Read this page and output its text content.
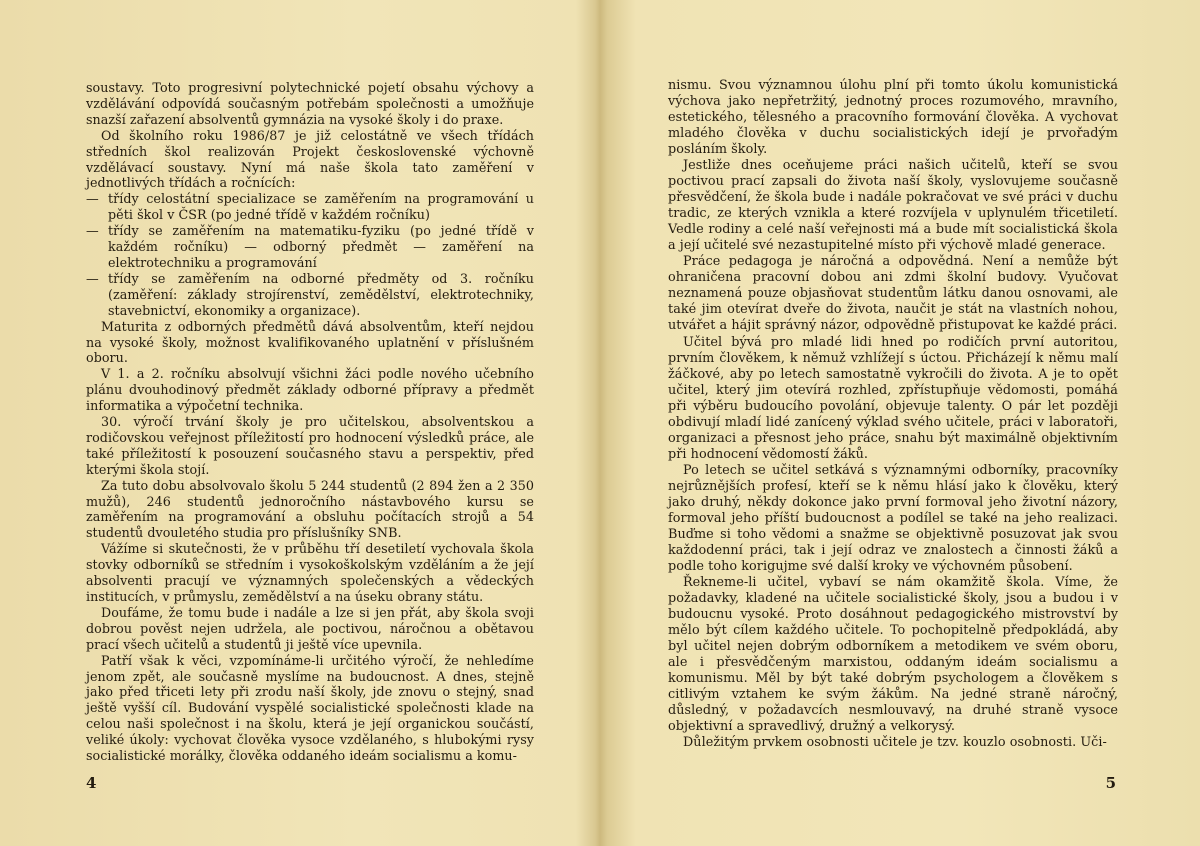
soustavy. Toto progresivní polytechnické pojetí obsahu výchovy a vzdělávání odpovídá současným potřebám společnosti a umožňuje snazší zařazení absolventů gymnázia na vysoké školy i do praxe.

Od školního roku 1986/87 je již celostátně ve všech třídách středních škol realizován Projekt československé výchovně vzdělávací soustavy. Nyní má naše škola tato zaměření v jednotlivých třídách a ročnících:

— třídy celostátní specializace se zaměřením na programování u pěti škol v ČSR (po jedné třídě v každém ročníku)
— třídy se zaměřením na matematiku-fyziku (po jedné třídě v každém ročníku) — odborný předmět — zaměření na elektrotechniku a programování
— třídy se zaměřením na odborné předměty od 3. ročníku (zaměření: základy strojírenství, zemědělství, elektrotechniky, stavebnictví, ekonomiky a organizace).

Maturita z odborných předmětů dává absolventům, kteří nejdou na vysoké školy, možnost kvalifikovaného uplatnění v příslušném oboru.

V 1. a 2. ročníku absolvují všichni žáci podle nového učebního plánu dvouhodinový předmět základy odborné přípravy a předmět informatika a výpočetní technika.

30. výročí trvání školy je pro učitelskou, absolventskou a rodičovskou veřejnost příležitostí pro hodnocení výsledků práce, ale také příležitostí k posouzení současného stavu a perspektiv, před kterými škola stojí.

Za tuto dobu absolvovalo školu 5 244 studentů (2 894 žen a 2 350 mužů), 246 studentů jednoročního nástavbového kursu se zaměřením na programování a obsluhu počítacích strojů a 54 studentů dvouletého studia pro příslušníky SNB.

Vážíme si skutečnosti, že v průběhu tří desetiletí vychovala škola stovky odborníků se středním i vysokoškolským vzděláním a že její absolventi pracují ve významných společenských a vědeckých institucích, v průmyslu, zemědělství a na úseku obrany státu.

Doufáme, že tomu bude i nadále a lze si jen přát, aby škola svoji dobrou pověst nejen udržela, ale poctivou, náročnou a obětavou prací všech učitelů a studentů ji ještě více upevnila.

Patří však k věci, vzpomínáme-li určitého výročí, že nehledíme jenom zpět, ale současně myslíme na budoucnost. A dnes, stejně jako před třiceti lety při zrodu naší školy, jde znovu o stejný, snad ještě vyšší cíl. Budování vyspělé socialistické společnosti klade na celou naši společnost i na školu, která je její organickou součástí, veliké úkoly: vychovat člověka vysoce vzdělaného, s hlubokými rysy socialistické morálky, člověka oddaného ideám socialismu a komu-

4

nismu. Svou významnou úlohu plní při tomto úkolu komunistická výchova jako nepřetržitý, jednotný proces rozumového, mravního, estetického, tělesného a pracovního formování člověka. A vychovat mladého člověka v duchu socialistických idejí je prvořadým posláním školy.

Jestliže dnes oceňujeme práci našich učitelů, kteří se svou poctivou prací zapsali do života naší školy, vyslovujeme současně přesvědčení, že škola bude i nadále pokračovat ve své práci v duchu tradic, ze kterých vznikla a které rozvíjela v uplynulém třicetiletí. Vedle rodiny a celé naší veřejnosti má a bude mít socialistická škola a její učitelé své nezastupitelné místo při výchově mladé generace.

Práce pedagoga je náročná a odpovědná. Není a nemůže být ohraničena pracovní dobou ani zdmi školní budovy. Vyučovat neznamená pouze objasňovat studentům látku danou osnovami, ale také jim otevírat dveře do života, naučit je stát na vlastních nohou, utvářet a hájit správný názor, odpovědně přistupovat ke každé práci.

Učitel bývá pro mladé lidi hned po rodičích první autoritou, prvním člověkem, k němuž vzhlížejí s úctou. Přicházejí k němu malí žáčkové, aby po letech samostatně vykročili do života. A je to opět učitel, který jim otevírá rozhled, zpřístupňuje vědomosti, pomáhá při výběru budoucího povolání, objevuje talenty. O pár let později obdivují mladí lidé zanícený výklad svého učitele, práci v laboratoři, organizaci a přesnost jeho práce, snahu být maximálně objektivním při hodnocení vědomostí žáků.

Po letech se učitel setkává s významnými odborníky, pracovníky nejrůznějších profesí, kteří se k němu hlásí jako k člověku, který jako druhý, někdy dokonce jako první formoval jeho životní názory, formoval jeho příští budoucnost a podílel se také na jeho realizaci. Buďme si toho vědomi a snažme se objektivně posuzovat jak svou každodenní práci, tak i její odraz ve znalostech a činnosti žáků a podle toho korigujme své další kroky ve výchovném působení.

Řekneme-li učitel, vybaví se nám okamžitě škola. Víme, že požadavky, kladené na učitele socialistické školy, jsou a budou i v budoucnu vysoké. Proto dosáhnout pedagogického mistrovství by mělo být cílem každého učitele. To pochopitelně předpokládá, aby byl učitel nejen dobrým odborníkem a metodikem ve svém oboru, ale i přesvědčeným marxistou, oddaným ideám socialismu a komunismu. Měl by být také dobrým psychologem a člověkem s citlivým vztahem ke svým žákům. Na jedné straně náročný, důsledný, v požadavcích nesmlouvavý, na druhé straně vysoce objektivní a spravedlivý, družný a velkorysý.

Důležitým prvkem osobnosti učitele je tzv. kouzlo osobnosti. Uči-

5
